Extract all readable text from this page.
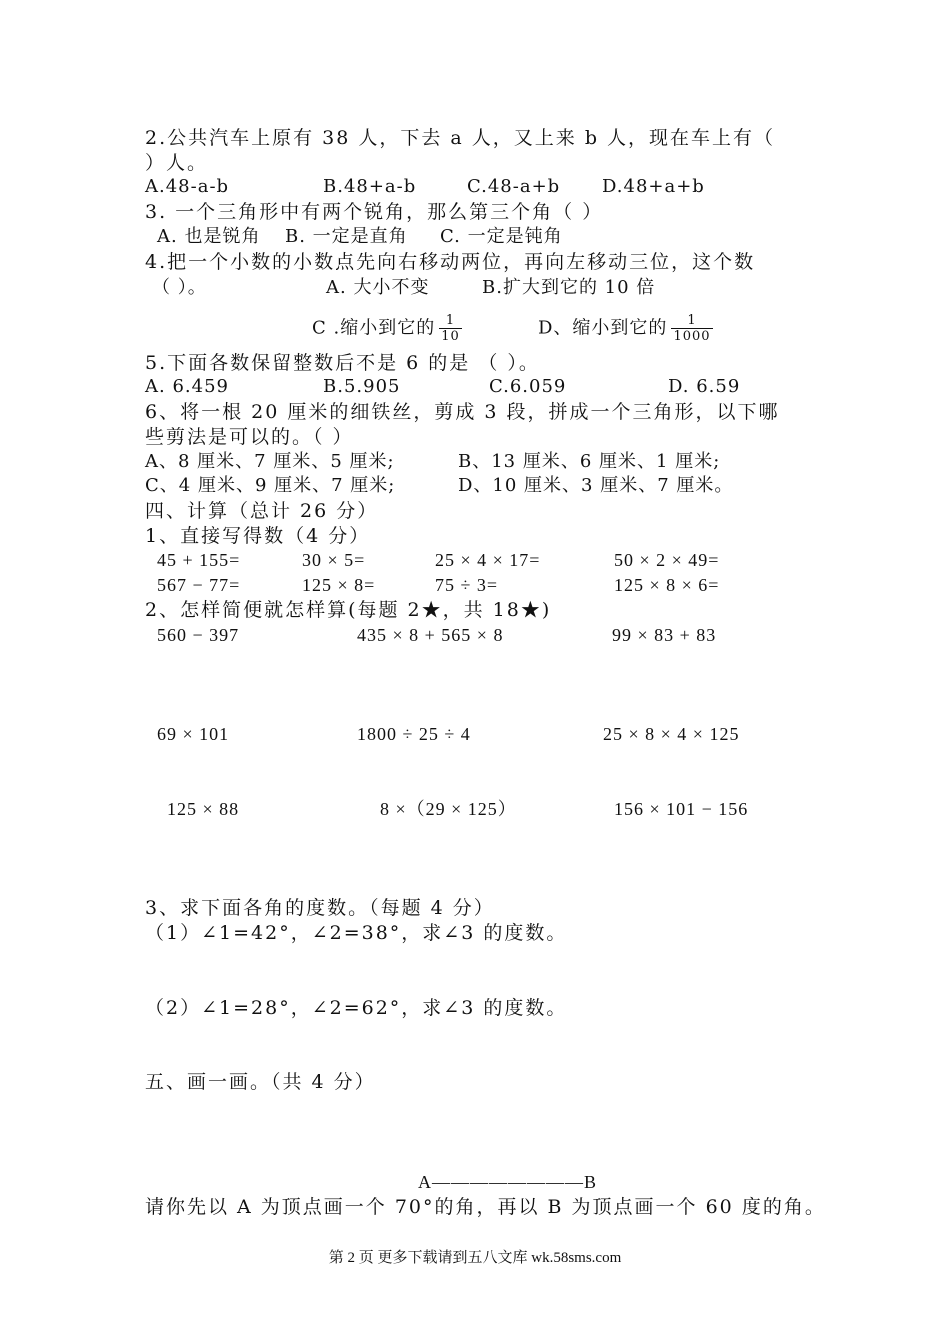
2.公共汽车上原有 38 人，下去 a 人，又上来 b 人，现在车上有（
）人。
A.48-a-b	B.48+a-b	C.48-a+b D.48+a+b
3. 一个三角形中有两个锐角，那么第三个角（ ）
A. 也是锐角 B. 一定是直角 C. 一定是钝角
4.把一个小数的小数点先向右移动两位，再向左移动三位，这个数
（ ）。	A. 大小不变	B.扩大到它的 10 倍
C .缩小到它的 $\frac{1}{10}$	D、缩小到它的 $\frac{1}{1000}$
5.下面各数保留整数后不是 6 的是 （ ）。
A. 6.459	B.5.905	C.6.059	D. 6.59
6、将一根 20 厘米的细铁丝，剪成 3 段，拼成一个三角形，以下哪
些剪法是可以的。（ ）
A、8 厘米、7 厘米、5 厘米;	B、13 厘米、6 厘米、1 厘米;
C、4 厘米、9 厘米、7 厘米;	D、10 厘米、3 厘米、7 厘米。
四、计算（总计 26 分）
1、直接写得数（4 分）
45 + 155=	30 × 5=	25 × 4 × 17=	50 × 2 × 49=
567 − 77=	125 × 8=	75 ÷ 3=	125 × 8 × 6=
2、怎样简便就怎样算(每题 2★，共 18★)
560 − 397	435 × 8 + 565 × 8	99 × 83 + 83
69 × 101	1800 ÷ 25 ÷ 4	25 × 8 × 4 × 125
125 × 88	8 ×（29 × 125）	156 × 101 − 156
3、求下面各角的度数。（每题 4 分）
（1）∠1=42°，∠2=38°，求∠3 的度数。
（2）∠1=28°，∠2=62°，求∠3 的度数。
五、画一画。（共 4 分）
A————————B
请你先以 A 为顶点画一个 70°的角，再以 B 为顶点画一个 60 度的角。
第 2 页 更多下载请到五八文库 wk.58sms.com
